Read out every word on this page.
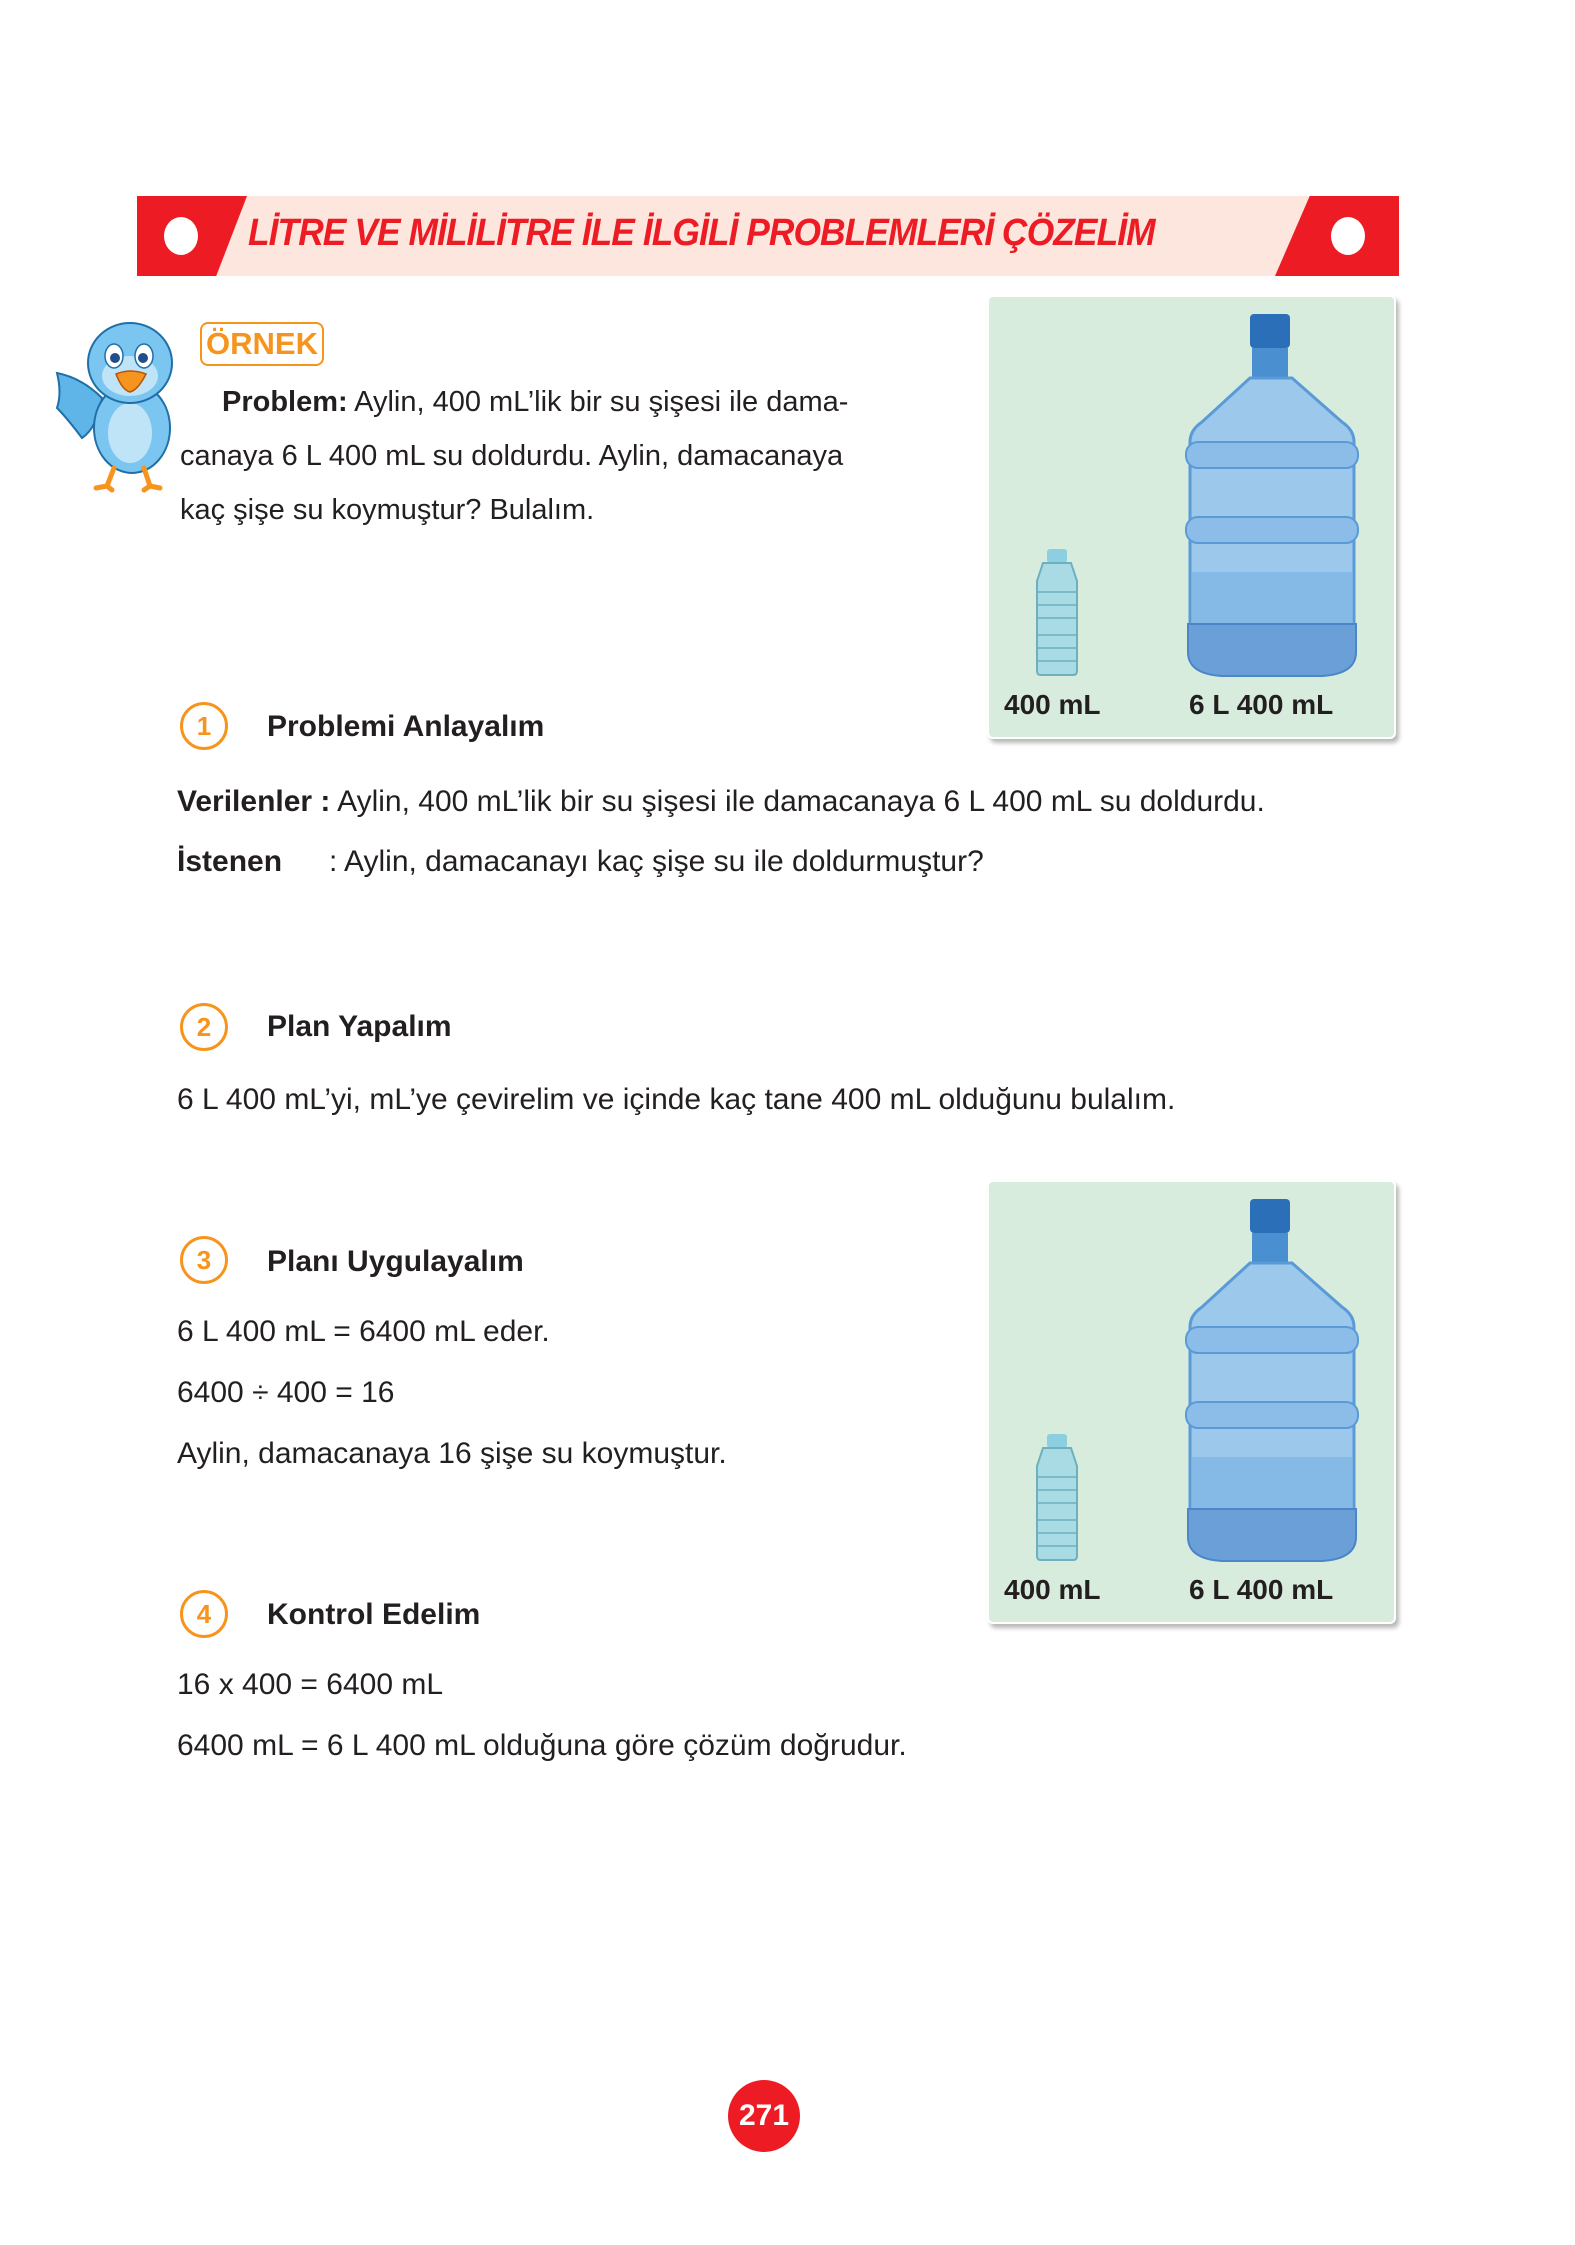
LİTRE VE MİLİLİTRE İLE İLGİLİ PROBLEMLERİ ÇÖZELİM
ÖRNEK
Problem: Aylin, 400 mL’lik bir su şişesi ile dama-
canaya 6 L 400 mL su doldurdu. Aylin, damacanaya
kaç şişe su koymuştur? Bulalım.
400 mL	6 L 400 mL
1	Problemi Anlayalım
Verilenler : Aylin, 400 mL’lik bir su şişesi ile damacanaya 6 L 400 mL su doldurdu.
İstenen : Aylin, damacanayı kaç şişe su ile doldurmuştur?
2	Plan Yapalım
6 L 400 mL’yi, mL’ye çevirelim ve içinde kaç tane 400 mL olduğunu bulalım.
3	Planı Uygulayalım
6 L 400 mL = 6400 mL eder.
6400 ÷ 400 = 16
Aylin, damacanaya 16 şişe su koymuştur.
400 mL	6 L 400 mL
4	Kontrol Edelim
16 x 400 = 6400 mL
6400 mL = 6 L 400 mL olduğuna göre çözüm doğrudur.
271
